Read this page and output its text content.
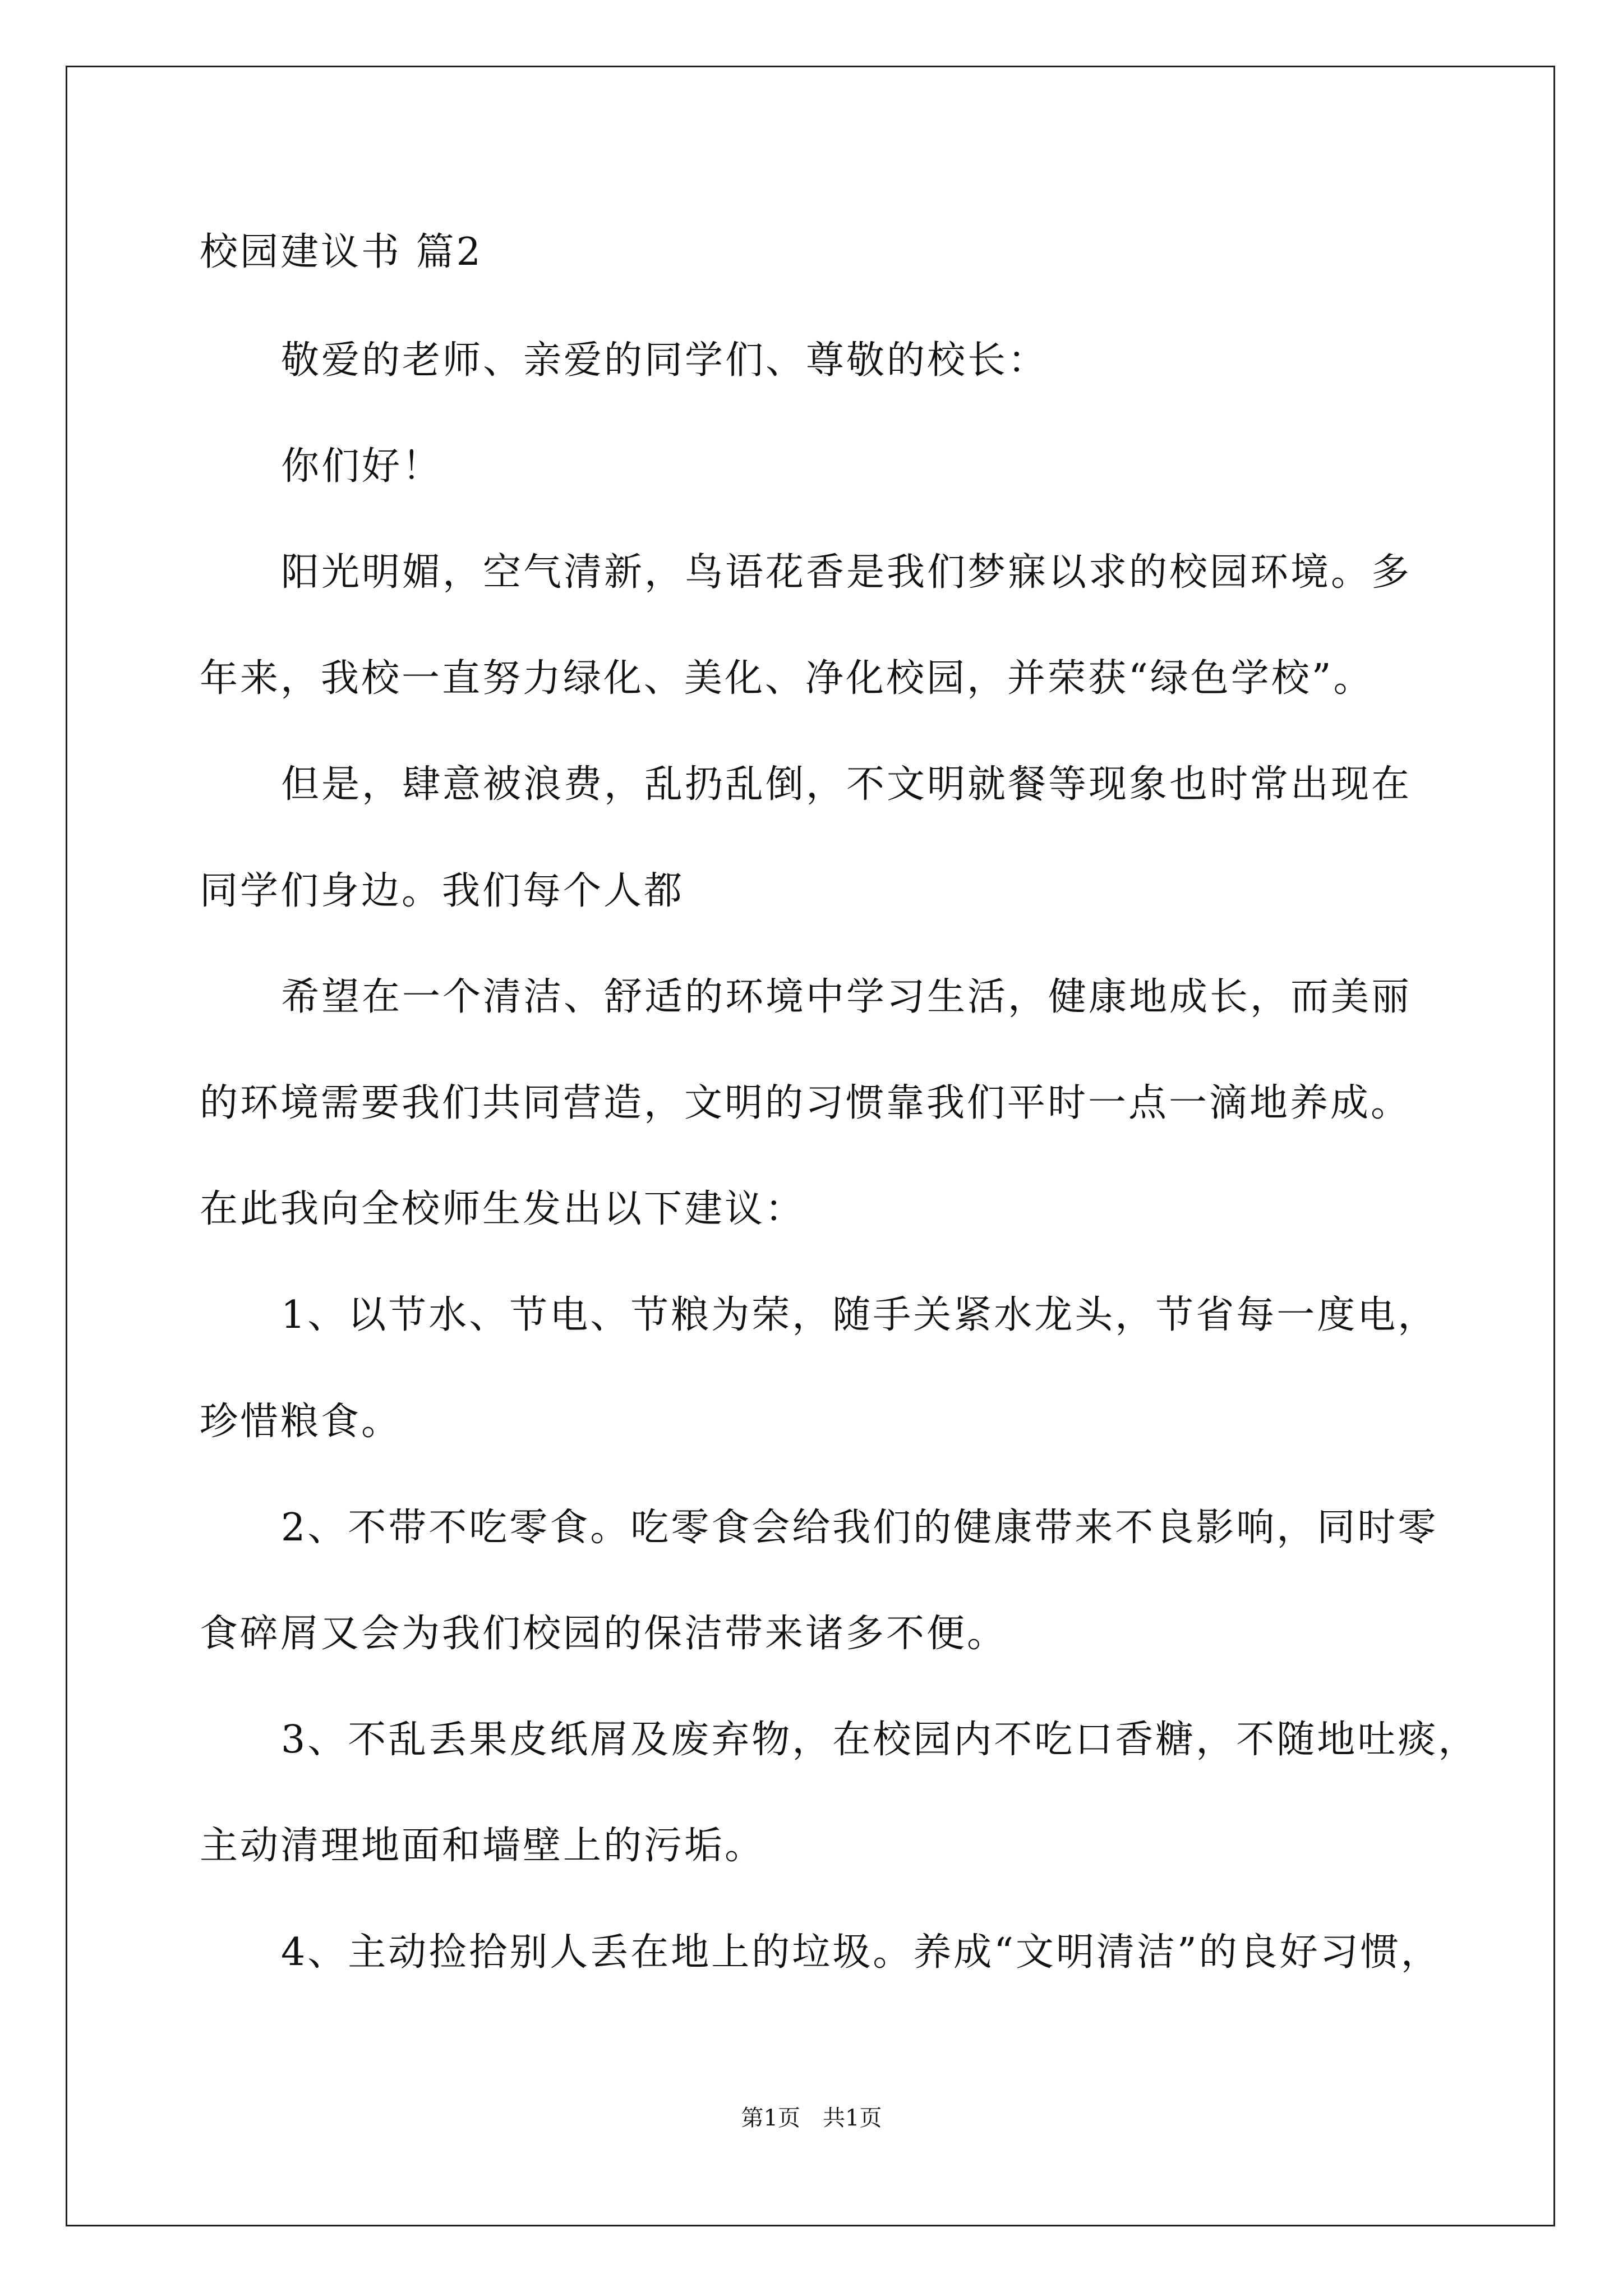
校园建议书 篇2

敬爱的老师、亲爱的同学们、尊敬的校长：

你们好！

阳光明媚，空气清新，鸟语花香是我们梦寐以求的校园环境。多

年来，我校一直努力绿化、美化、净化校园，并荣获“绿色学校”。

但是，肆意被浪费，乱扔乱倒，不文明就餐等现象也时常出现在

同学们身边。我们每个人都

希望在一个清洁、舒适的环境中学习生活，健康地成长，而美丽

的环境需要我们共同营造，文明的习惯靠我们平时一点一滴地养成。

在此我向全校师生发出以下建议：

1、以节水、节电、节粮为荣，随手关紧水龙头，节省每一度电，

珍惜粮食。

2、不带不吃零食。吃零食会给我们的健康带来不良影响，同时零

食碎屑又会为我们校园的保洁带来诸多不便。

3、不乱丢果皮纸屑及废弃物，在校园内不吃口香糖，不随地吐痰，

主动清理地面和墙壁上的污垢。

4、主动捡拾别人丢在地上的垃圾。养成“文明清洁”的良好习惯，

第1页　共1页
